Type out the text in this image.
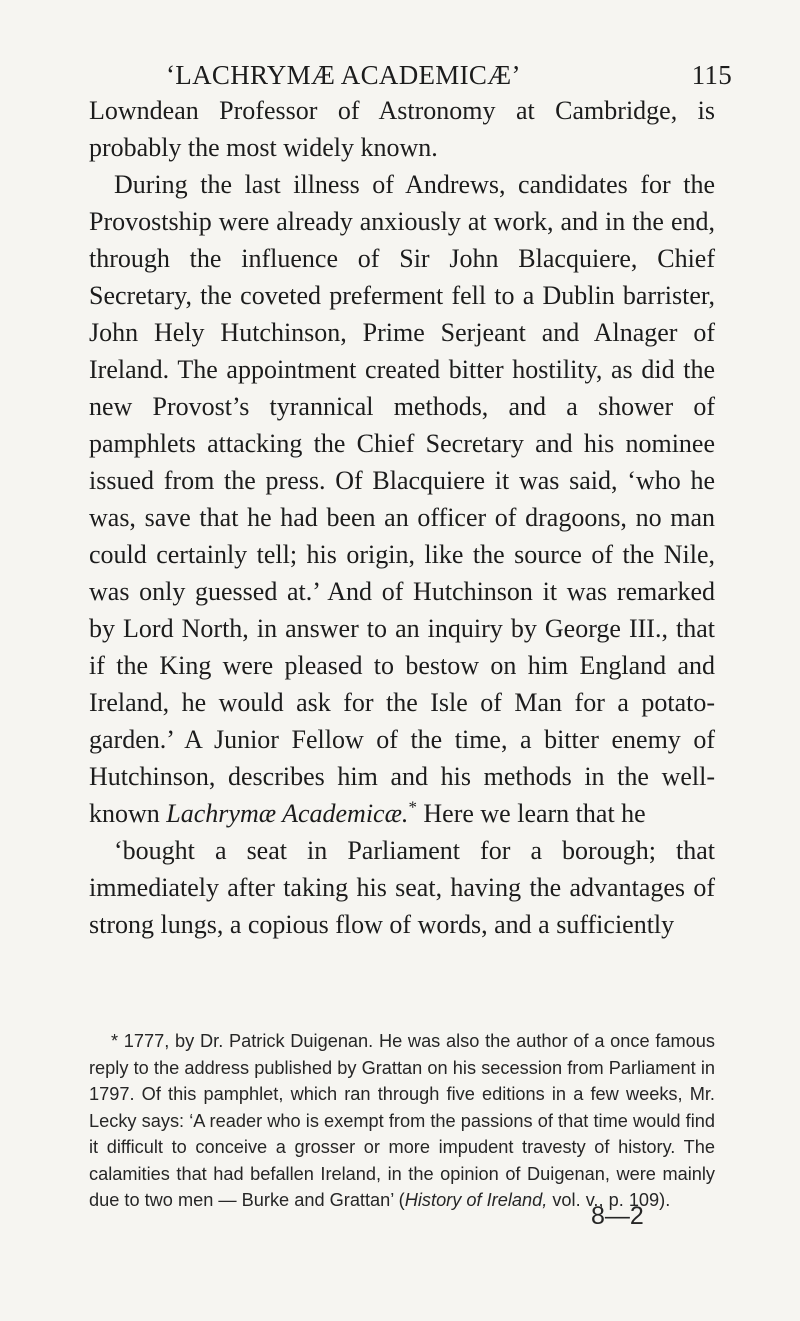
‘LACHRYMÆ ACADEMICÆ’	115

Lowndean Professor of Astronomy at Cambridge, is probably the most widely known.

During the last illness of Andrews, candidates for the Provostship were already anxiously at work, and in the end, through the influence of Sir John Blacquiere, Chief Secretary, the coveted preferment fell to a Dublin barrister, John Hely Hutchinson, Prime Serjeant and Alnager of Ireland. The appointment created bitter hostility, as did the new Provost’s tyrannical methods, and a shower of pamphlets attacking the Chief Secretary and his nominee issued from the press. Of Blacquiere it was said, ‘who he was, save that he had been an officer of dragoons, no man could certainly tell; his origin, like the source of the Nile, was only guessed at.’ And of Hutchinson it was remarked by Lord North, in answer to an inquiry by George III., that if the King were pleased to bestow on him England and Ireland, he would ask for the Isle of Man for a potato-garden.’ A Junior Fellow of the time, a bitter enemy of Hutchinson, describes him and his methods in the well-known Lachrymæ Academicæ.* Here we learn that he

‘bought a seat in Parliament for a borough; that immediately after taking his seat, having the advantages of strong lungs, a copious flow of words, and a sufficiently

* 1777, by Dr. Patrick Duigenan. He was also the author of a once famous reply to the address published by Grattan on his secession from Parliament in 1797. Of this pamphlet, which ran through five editions in a few weeks, Mr. Lecky says: ‘A reader who is exempt from the passions of that time would find it difficult to conceive a grosser or more impudent travesty of history. The calamities that had befallen Ireland, in the opinion of Duigenan, were mainly due to two men — Burke and Grattan’ (History of Ireland, vol. v., p. 109).

8—2
